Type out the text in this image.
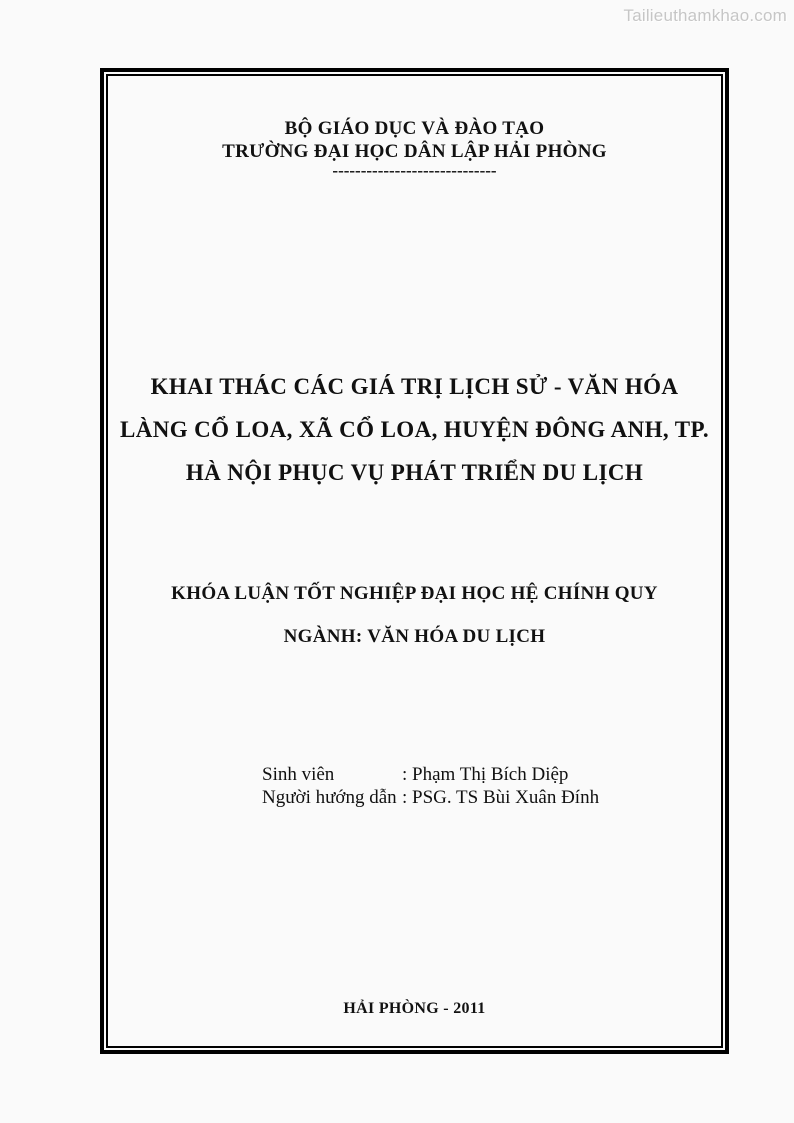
Tailieuthamkhao.com
BỘ GIÁO DỤC VÀ ĐÀO TẠO
TRƯỜNG ĐẠI HỌC DÂN LẬP HẢI PHÒNG
-----------------------------
KHAI THÁC CÁC GIÁ TRỊ LỊCH SỬ - VĂN HÓA
LÀNG CỔ LOA, XÃ CỔ LOA, HUYỆN ĐÔNG ANH, TP.
HÀ NỘI PHỤC VỤ PHÁT TRIỂN DU LỊCH
KHÓA LUẬN TỐT NGHIỆP ĐẠI HỌC HỆ CHÍNH QUY
NGÀNH: VĂN HÓA DU LỊCH
Sinh viên	: Phạm Thị Bích Diệp
Người hướng dẫn : PSG. TS Bùi Xuân Đính
HẢI PHÒNG - 2011
